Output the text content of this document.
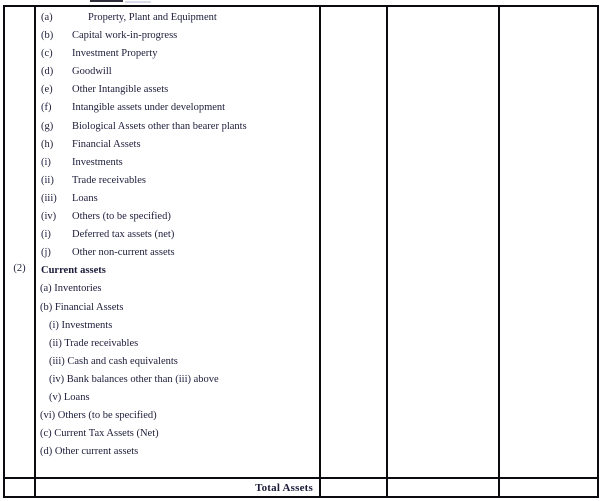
(2)

(a)	Property, Plant and Equipment
(b)	Capital work-in-progress
(c)	Investment Property
(d)	Goodwill
(e)	Other Intangible assets
(f)	Intangible assets under development
(g)	Biological Assets other than bearer plants
(h)	Financial Assets
(i)	Investments
(ii)	Trade receivables
(iii)	Loans
(iv)	Others (to be specified)
(i)	Deferred tax assets (net)
(j)	Other non-current assets
Current assets
(a) Inventories
(b) Financial Assets
(i) Investments
(ii) Trade receivables
(iii) Cash and cash equivalents
(iv) Bank balances other than (iii) above
(v) Loans
(vi) Others (to be specified)
(c) Current Tax Assets (Net)
(d) Other current assets

	Total Assets			
